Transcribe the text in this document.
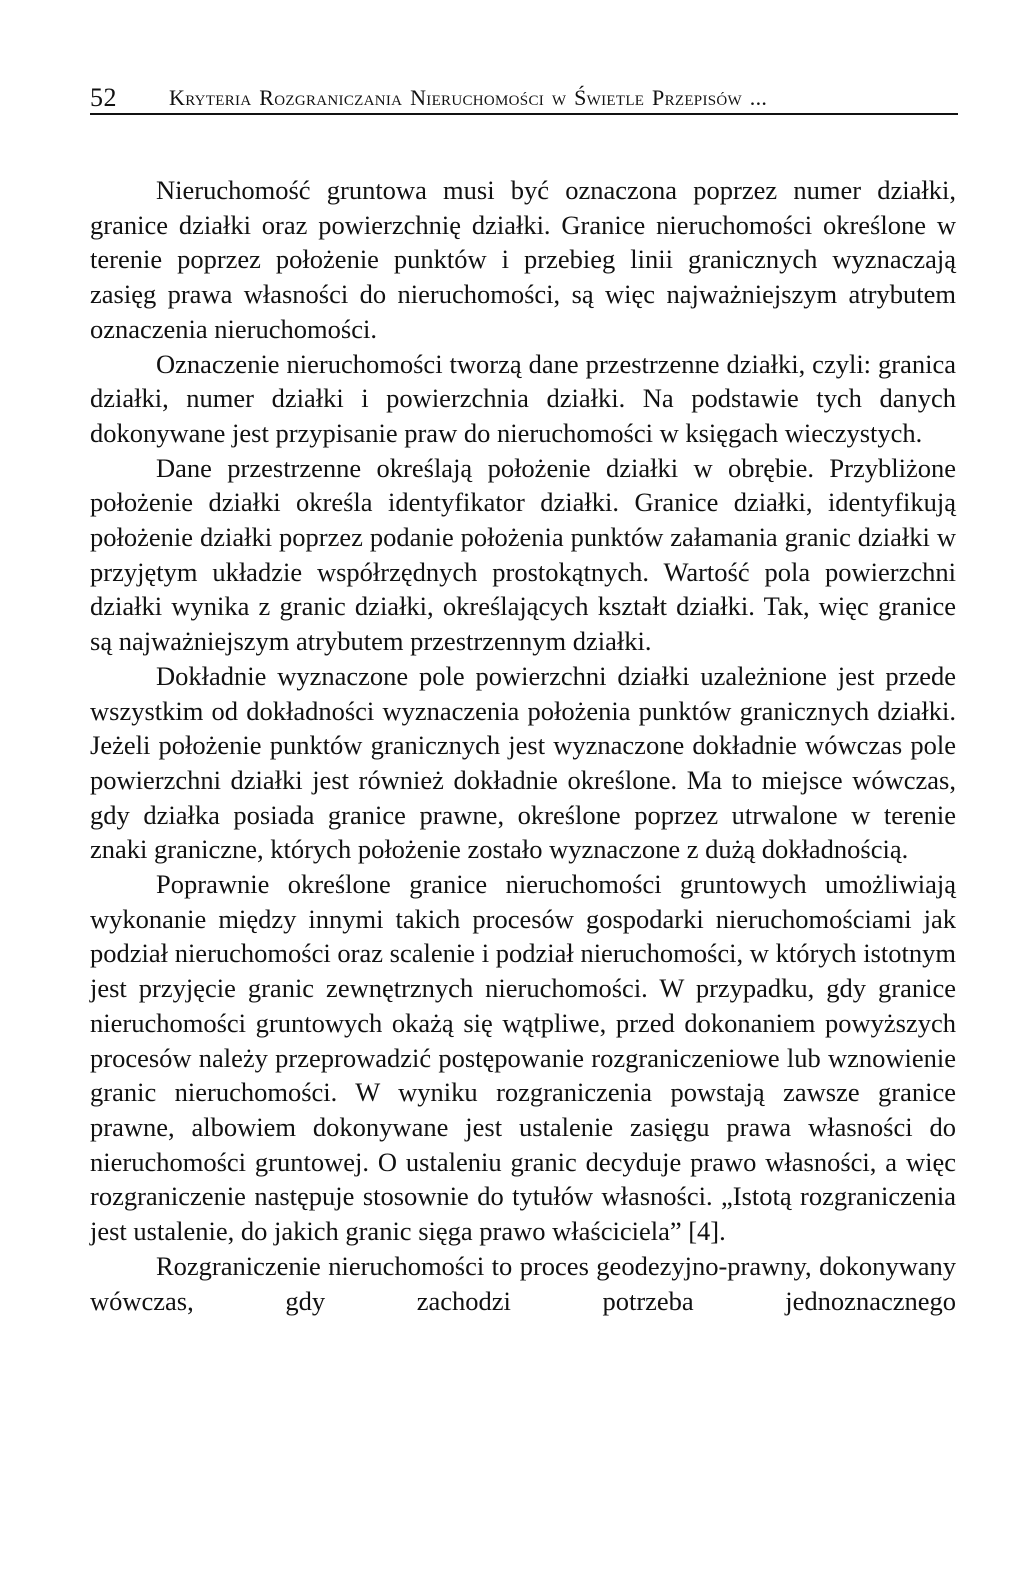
52 Kryteria Rozgraniczania Nieruchomości w Świetle Przepisów ...

Nieruchomość gruntowa musi być oznaczona poprzez numer działki, granice działki oraz powierzchnię działki. Granice nieruchomości określone w terenie poprzez położenie punktów i przebieg linii granicznych wyznaczają zasięg prawa własności do nieruchomości, są więc najważniejszym atrybutem oznaczenia nieruchomości.

Oznaczenie nieruchomości tworzą dane przestrzenne działki, czyli: granica działki, numer działki i powierzchnia działki. Na podstawie tych danych dokonywane jest przypisanie praw do nieruchomości w księgach wieczystych.

Dane przestrzenne określają położenie działki w obrębie. Przybliżone położenie działki określa identyfikator działki. Granice działki, identyfikują położenie działki poprzez podanie położenia punktów załamania granic działki w przyjętym układzie współrzędnych prostokątnych. Wartość pola powierzchni działki wynika z granic działki, określających kształt działki. Tak, więc granice są najważniejszym atrybutem przestrzennym działki.

Dokładnie wyznaczone pole powierzchni działki uzależnione jest przede wszystkim od dokładności wyznaczenia położenia punktów granicznych działki. Jeżeli położenie punktów granicznych jest wyznaczone dokładnie wówczas pole powierzchni działki jest również dokładnie określone. Ma to miejsce wówczas, gdy działka posiada granice prawne, określone poprzez utrwalone w terenie znaki graniczne, których położenie zostało wyznaczone z dużą dokładnością.

Poprawnie określone granice nieruchomości gruntowych umożliwiają wykonanie między innymi takich procesów gospodarki nieruchomościami jak podział nieruchomości oraz scalenie i podział nieruchomości, w których istotnym jest przyjęcie granic zewnętrznych nieruchomości. W przypadku, gdy granice nieruchomości gruntowych okażą się wątpliwe, przed dokonaniem powyższych procesów należy przeprowadzić postępowanie rozgraniczeniowe lub wznowienie granic nieruchomości. W wyniku rozgraniczenia powstają zawsze granice prawne, albowiem dokonywane jest ustalenie zasięgu prawa własności do nieruchomości gruntowej. O ustaleniu granic decyduje prawo własności, a więc rozgraniczenie następuje stosownie do tytułów własności. „Istotą rozgraniczenia jest ustalenie, do jakich granic sięga prawo właściciela” [4].

Rozgraniczenie nieruchomości to proces geodezyjno-prawny, dokonywany wówczas, gdy zachodzi potrzeba jednoznacznego
